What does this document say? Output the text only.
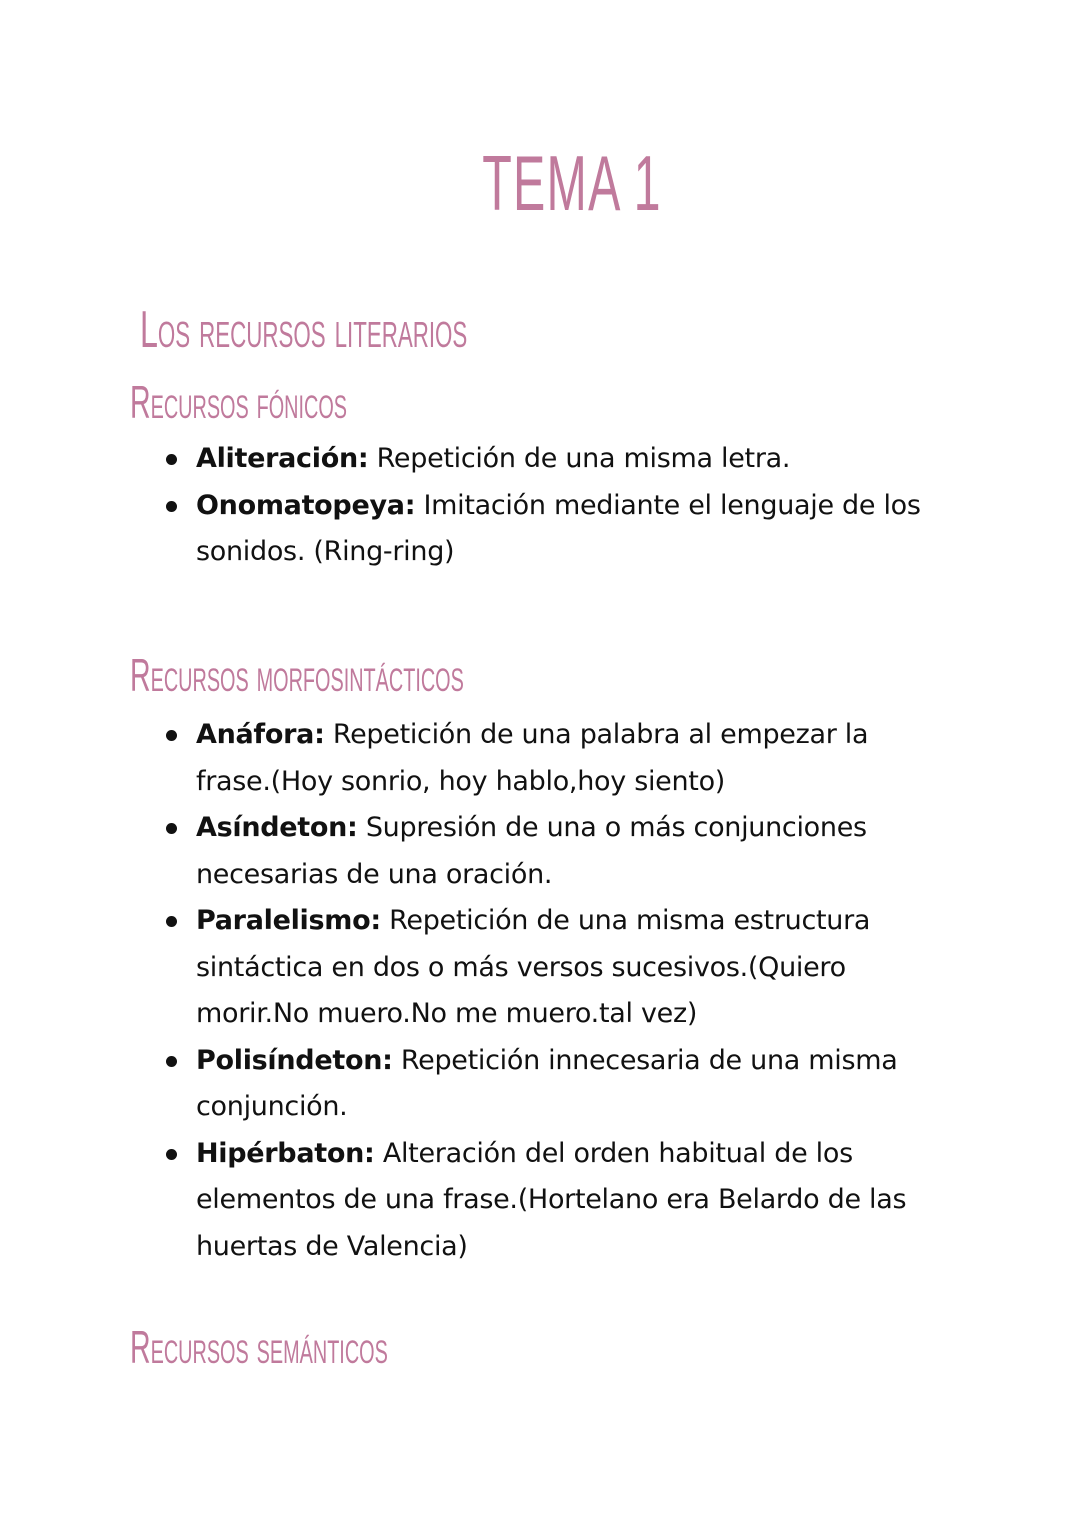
TEMA 1
Los recursos literarios
Recursos fónicos
Aliteración: Repetición de una misma letra.
Onomatopeya: Imitación mediante el lenguaje de los sonidos. (Ring-ring)
Recursos morfosintácticos
Anáfora: Repetición de una palabra al empezar la frase.(Hoy sonrio, hoy hablo,hoy siento)
Asíndeton: Supresión de una o más conjunciones necesarias de una oración.
Paralelismo: Repetición de una misma estructura sintáctica en dos o más versos sucesivos.(Quiero morir.No muero.No me muero.tal vez)
Polisíndeton: Repetición innecesaria de una misma conjunción.
Hipérbaton: Alteración del orden habitual de los elementos de una frase.(Hortelano era Belardo de las huertas de Valencia)
Recursos semánticos
